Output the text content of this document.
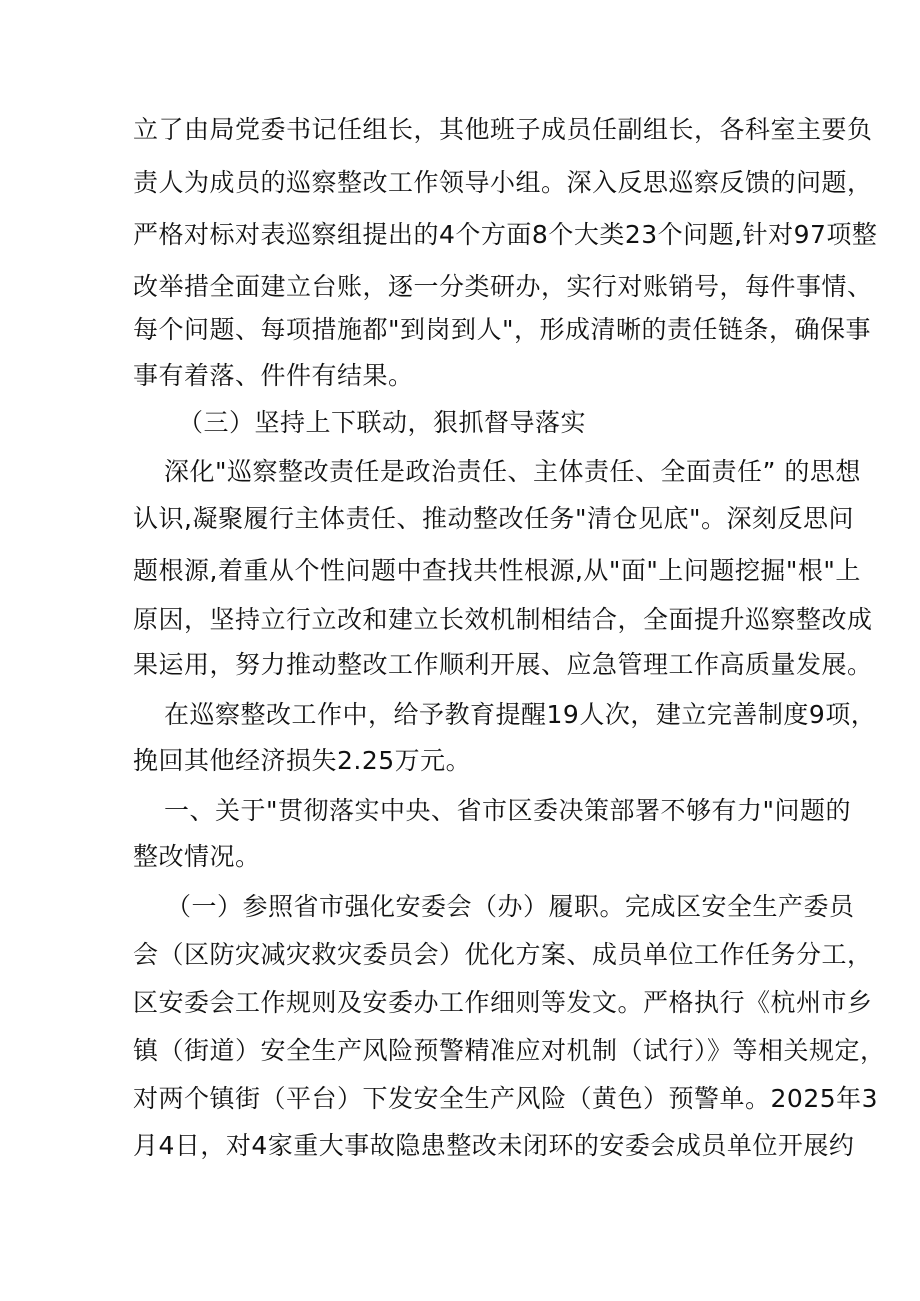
立了由局党委书记任组长，其他班子成员任副组长，各科室主要负
责人为成员的巡察整改工作领导小组。深入反思巡察反馈的问题，
严格对标对表巡察组提出的4个方面8个大类23个问题,针对97项整
改举措全面建立台账，逐一分类研办，实行对账销号，每件事情、
每个问题、每项措施都"到岗到人"，形成清晰的责任链条，确保事
事有着落、件件有结果。
（三）坚持上下联动，狠抓督导落实
深化"巡察整改责任是政治责任、主体责任、全面责任” 的思想
认识,凝聚履行主体责任、推动整改任务"清仓见底"。深刻反思问
题根源,着重从个性问题中查找共性根源,从"面"上问题挖掘"根"上
原因，坚持立行立改和建立长效机制相结合，全面提升巡察整改成
果运用，努力推动整改工作顺利开展、应急管理工作高质量发展。
在巡察整改工作中，给予教育提醒19人次，建立完善制度9项，
挽回其他经济损失2.25万元。
一、关于"贯彻落实中央、省市区委决策部署不够有力"问题的
整改情况。
（一）参照省市强化安委会（办）履职。完成区安全生产委员
会（区防灾减灾救灾委员会）优化方案、成员单位工作任务分工，
区安委会工作规则及安委办工作细则等发文。严格执行《杭州市乡
镇（街道）安全生产风险预警精准应对机制（试行）》等相关规定，
对两个镇街（平台）下发安全生产风险（黄色）预警单。2025年3
月4日，对4家重大事故隐患整改未闭环的安委会成员单位开展约
